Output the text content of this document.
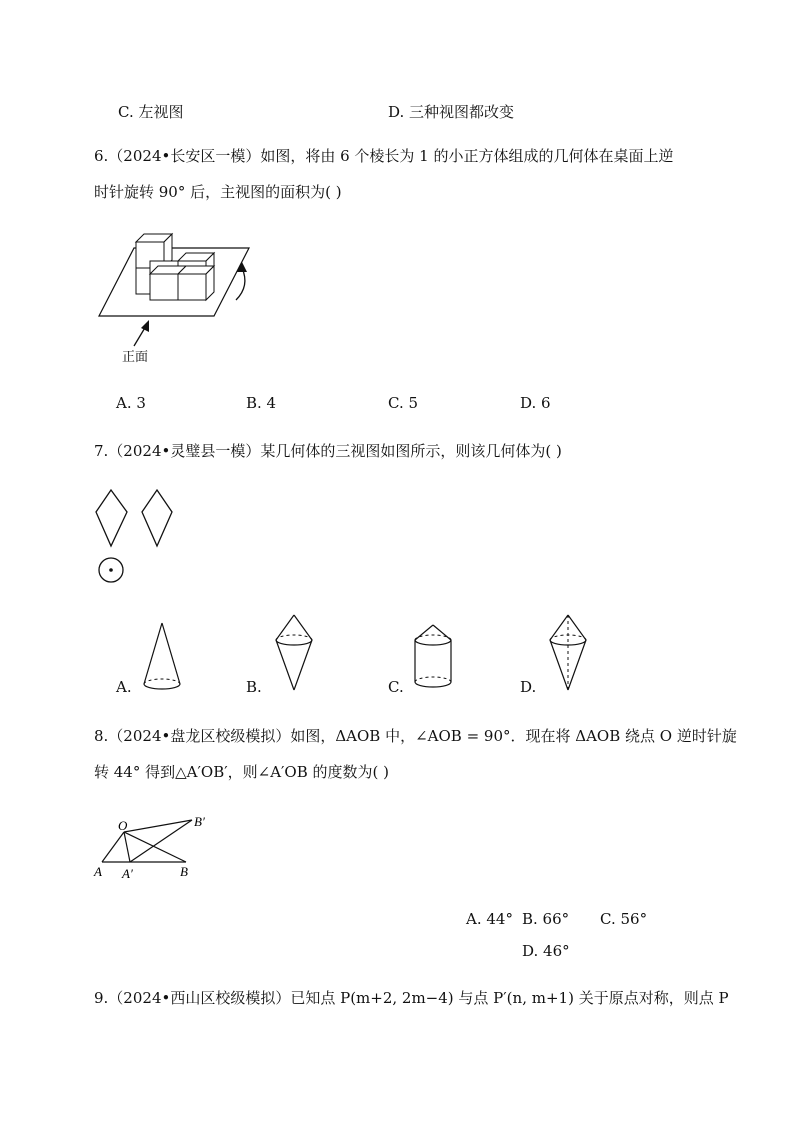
C. 左视图	D. 三种视图都改变
6.（2024•长安区一模）如图，将由 6 个棱长为 1 的小正方体组成的几何体在桌面上逆
时针旋转 90° 后，主视图的面积为( )
正面
A. 3	B. 4	C. 5	D. 6
7.（2024•灵璧县一模）某几何体的三视图如图所示，则该几何体为( )
A.	B.	C.	D.
8.（2024•盘龙区校级模拟）如图，ΔAOB 中，∠AOB = 90°．现在将 ΔAOB 绕点 O 逆时针旋
转 44° 得到△A′OB′，则∠A′OB 的度数为( )
O	B′
A A′	B
A. 44° B. 66° C. 56°
D. 46°
9.（2024•西山区校级模拟）已知点 P(m+2, 2m−4) 与点 P′(n, m+1) 关于原点对称，则点 P
